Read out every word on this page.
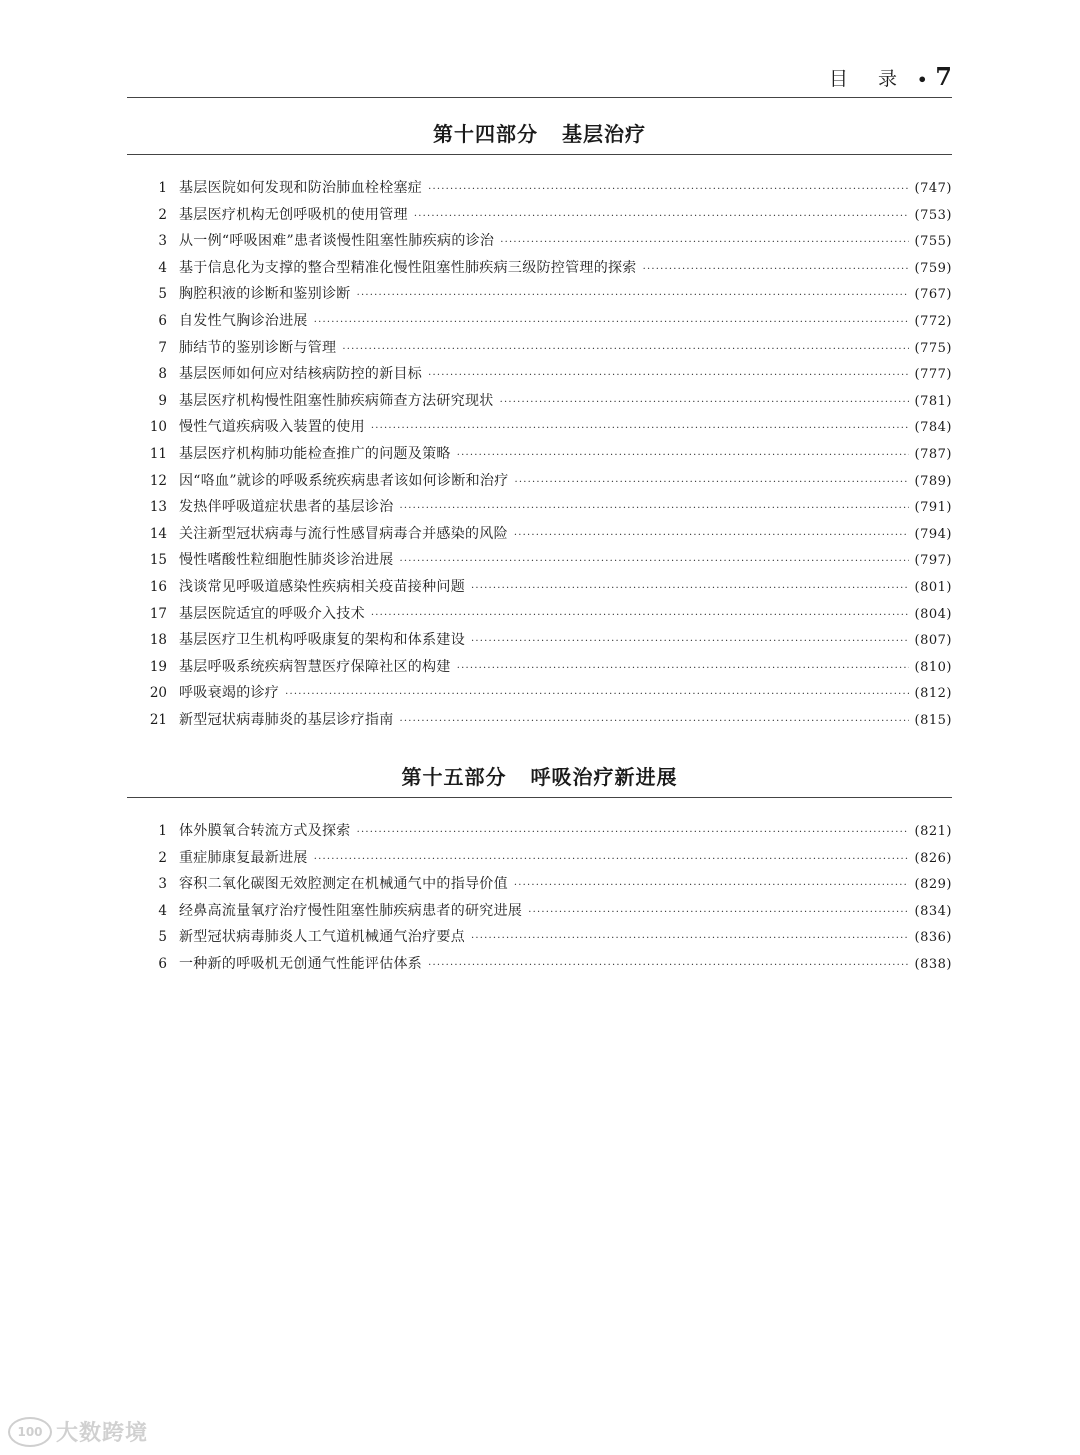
目 录 • 7
第十四部分 基层治疗
1 基层医院如何发现和防治肺血栓栓塞症 ·····	(747)
2 基层医疗机构无创呼吸机的使用管理 ·····	(753)
3 从一例“呼吸困难”患者谈慢性阻塞性肺疾病的诊治 ·····	(755)
4 基于信息化为支撑的整合型精准化慢性阻塞性肺疾病三级防控管理的探索 ·····	(759)
5 胸腔积液的诊断和鉴别诊断 ·····	(767)
6 自发性气胸诊治进展 ·····	(772)
7 肺结节的鉴别诊断与管理 ·····	(775)
8 基层医师如何应对结核病防控的新目标 ·····	(777)
9 基层医疗机构慢性阻塞性肺疾病筛查方法研究现状 ·····	(781)
10 慢性气道疾病吸入装置的使用 ·····	(784)
11 基层医疗机构肺功能检查推广的问题及策略 ·····	(787)
12 因“咯血”就诊的呼吸系统疾病患者该如何诊断和治疗 ·····	(789)
13 发热伴呼吸道症状患者的基层诊治 ·····	(791)
14 关注新型冠状病毒与流行性感冒病毒合并感染的风险 ·····	(794)
15 慢性嗜酸性粒细胞性肺炎诊治进展 ·····	(797)
16 浅谈常见呼吸道感染性疾病相关疫苗接种问题 ·····	(801)
17 基层医院适宜的呼吸介入技术 ·····	(804)
18 基层医疗卫生机构呼吸康复的架构和体系建设 ·····	(807)
19 基层呼吸系统疾病智慧医疗保障社区的构建 ·····	(810)
20 呼吸衰竭的诊疗 ·····	(812)
21 新型冠状病毒肺炎的基层诊疗指南 ·····	(815)
第十五部分 呼吸治疗新进展
1 体外膜氧合转流方式及探索 ·····	(821)
2 重症肺康复最新进展 ·····	(826)
3 容积二氧化碳图无效腔测定在机械通气中的指导价值 ·····	(829)
4 经鼻高流量氧疗治疗慢性阻塞性肺疾病患者的研究进展 ·····	(834)
5 新型冠状病毒肺炎人工气道机械通气治疗要点 ·····	(836)
6 一种新的呼吸机无创通气性能评估体系 ·····	(838)
100 大数跨境
